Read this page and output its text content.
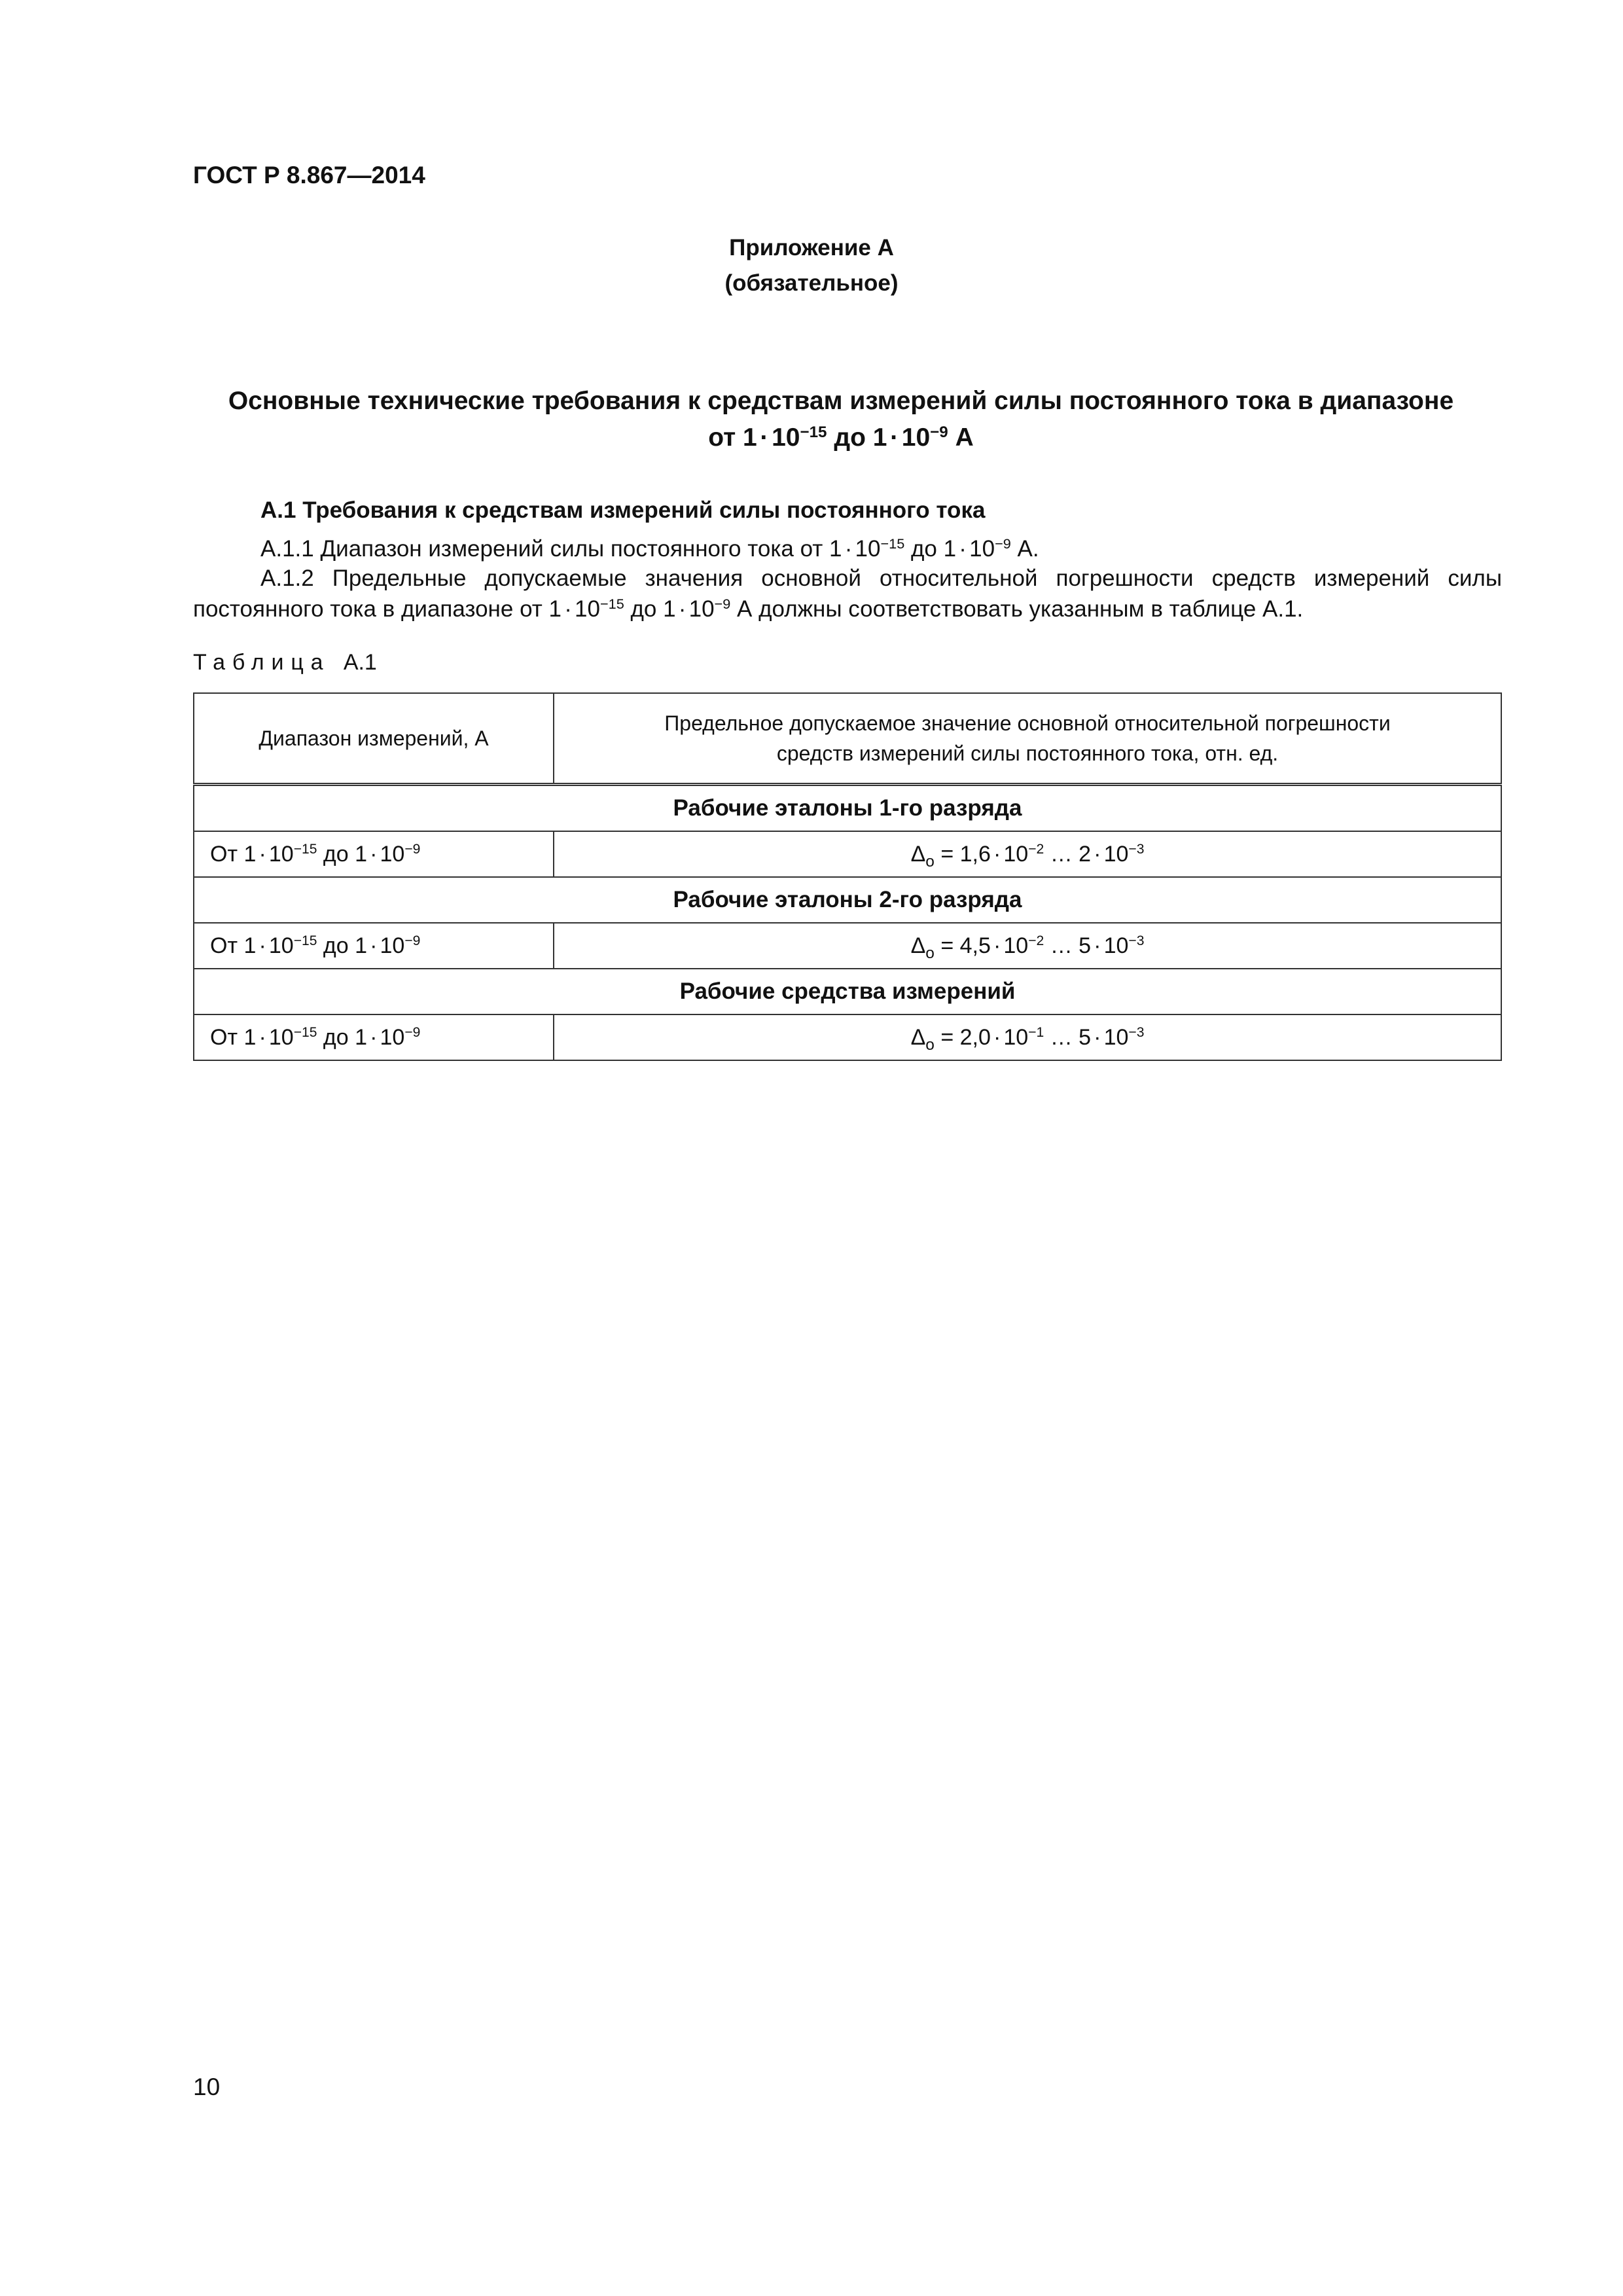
ГОСТ Р 8.867—2014
Приложение А
(обязательное)
Основные технические требования к средствам измерений силы постоянного тока в диапазоне
от $1 \cdot 10^{-15}$ до $1 \cdot 10^{-9}$ А
А.1 Требования к средствам измерений силы постоянного тока
А.1.1 Диапазон измерений силы постоянного тока от $1 \cdot 10^{-15}$ до $1 \cdot 10^{-9}$ А.
А.1.2 Предельные допускаемые значения основной относительной погрешности средств измерений силы постоянного тока в диапазоне от $1 \cdot 10^{-15}$ до $1 \cdot 10^{-9}$ А должны соответствовать указанным в таблице А.1.
Таблица А.1
Диапазон измерений, А	Предельное допускаемое значение основной относительной погрешности
средств измерений силы постоянного тока, отн. ед.

Рабочие эталоны 1-го разряда	
От $1 \cdot 10^{-15}$ до $1 \cdot 10^{-9}$	$\Delta_о = 1,6 \cdot 10^{-2}$ … $2 \cdot 10^{-3}$
Рабочие эталоны 2-го разряда	
От $1 \cdot 10^{-15}$ до $1 \cdot 10^{-9}$	$\Delta_о = 4,5 \cdot 10^{-2}$ … $5 \cdot 10^{-3}$
Рабочие средства измерений	
От $1 \cdot 10^{-15}$ до $1 \cdot 10^{-9}$	$\Delta_о = 2,0 \cdot 10^{-1}$ … $5 \cdot 10^{-3}$
10
